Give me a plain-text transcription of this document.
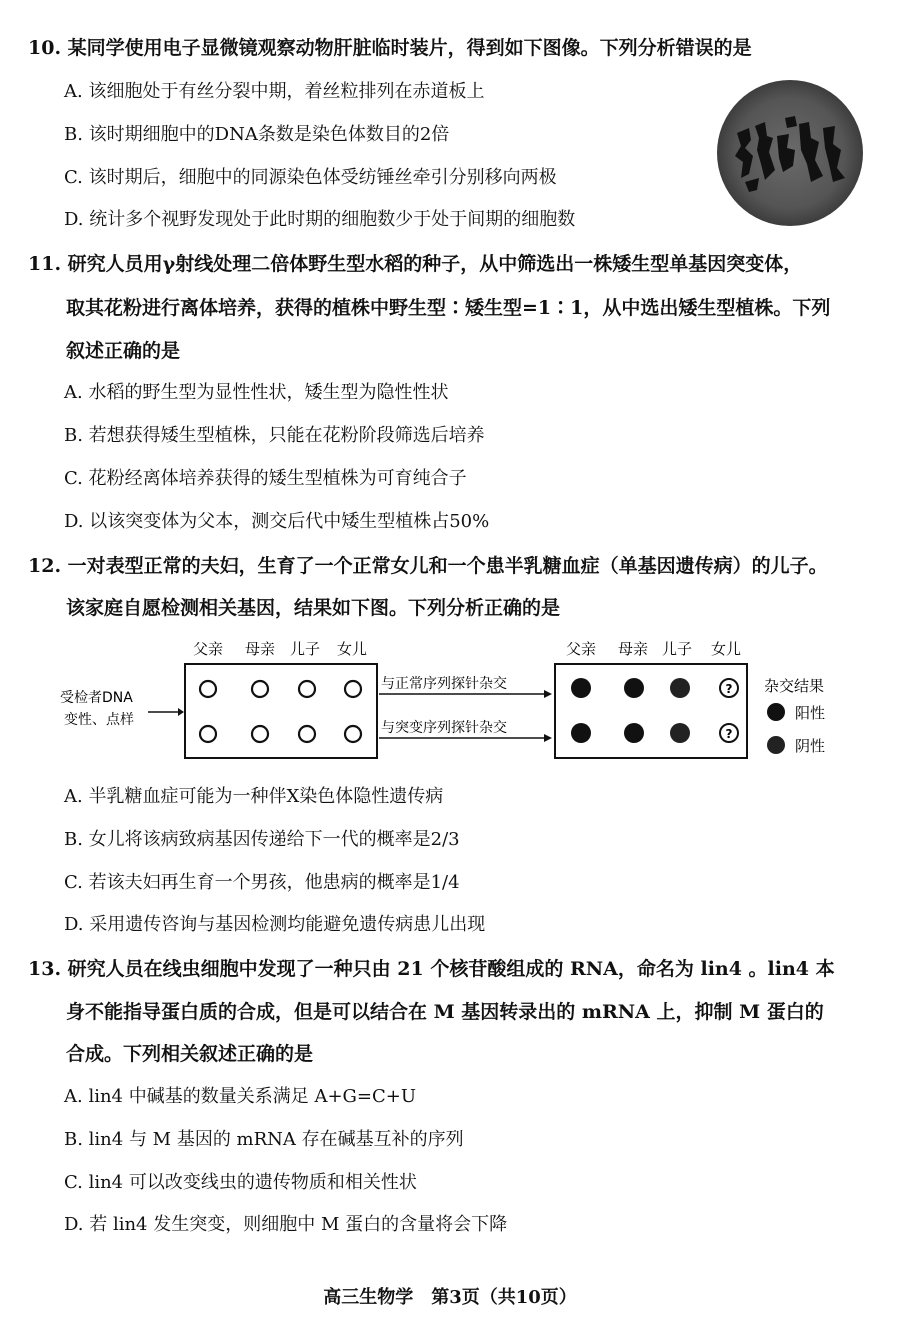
10. 某同学使用电子显微镜观察动物肝脏临时装片，得到如下图像。下列分析错误的是
A. 该细胞处于有丝分裂中期，着丝粒排列在赤道板上
B. 该时期细胞中的DNA条数是染色体数目的2倍
C. 该时期后，细胞中的同源染色体受纺锤丝牵引分别移向两极
D. 统计多个视野发现处于此时期的细胞数少于处于间期的细胞数
11. 研究人员用γ射线处理二倍体野生型水稻的种子，从中筛选出一株矮生型单基因突变体，
取其花粉进行离体培养，获得的植株中野生型∶矮生型=1∶1，从中选出矮生型植株。下列
叙述正确的是
A. 水稻的野生型为显性性状，矮生型为隐性性状
B. 若想获得矮生型植株，只能在花粉阶段筛选后培养
C. 花粉经离体培养获得的矮生型植株为可育纯合子
D. 以该突变体为父本，测交后代中矮生型植株占50%
12. 一对表型正常的夫妇，生育了一个正常女儿和一个患半乳糖血症（单基因遗传病）的儿子。
该家庭自愿检测相关基因，结果如下图。下列分析正确的是
受检者DNA
变性、点样
父亲 母亲 儿子 女儿
与正常序列探针杂交
与突变序列探针杂交
父亲 母亲 儿子 女儿
?
?
杂交结果
阳性
阴性
A. 半乳糖血症可能为一种伴X染色体隐性遗传病
B. 女儿将该病致病基因传递给下一代的概率是2/3
C. 若该夫妇再生育一个男孩，他患病的概率是1/4
D. 采用遗传咨询与基因检测均能避免遗传病患儿出现
13. 研究人员在线虫细胞中发现了一种只由 21 个核苷酸组成的 RNA，命名为 lin4 。lin4 本
身不能指导蛋白质的合成，但是可以结合在 M 基因转录出的 mRNA 上，抑制 M 蛋白的
合成。下列相关叙述正确的是
A. lin4 中碱基的数量关系满足 A+G=C+U
B. lin4 与 M 基因的 mRNA 存在碱基互补的序列
C. lin4 可以改变线虫的遗传物质和相关性状
D. 若 lin4 发生突变，则细胞中 M 蛋白的含量将会下降
高三生物学　第3页（共10页）
